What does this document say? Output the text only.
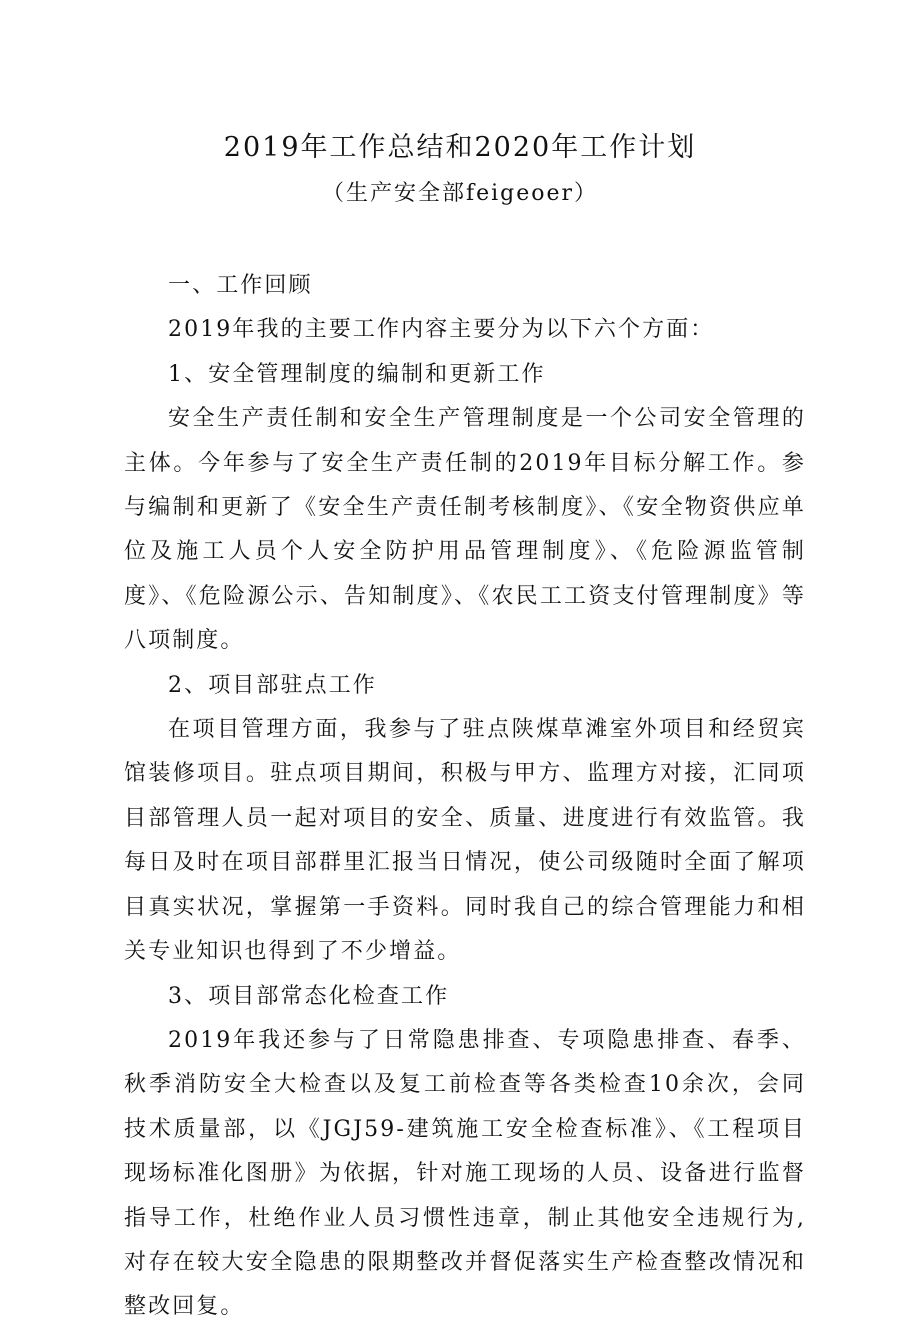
2019年工作总结和2020年工作计划
（生产安全部feigeoer）

一、工作回顾

2019年我的主要工作内容主要分为以下六个方面：

1、安全管理制度的编制和更新工作

安全生产责任制和安全生产管理制度是一个公司安全管理的主体。今年参与了安全生产责任制的2019年目标分解工作。参与编制和更新了《安全生产责任制考核制度》、《安全物资供应单位及施工人员个人安全防护用品管理制度》、《危险源监管制度》、《危险源公示、告知制度》、《农民工工资支付管理制度》等八项制度。

2、项目部驻点工作

在项目管理方面，我参与了驻点陕煤草滩室外项目和经贸宾馆装修项目。驻点项目期间，积极与甲方、监理方对接，汇同项目部管理人员一起对项目的安全、质量、进度进行有效监管。我每日及时在项目部群里汇报当日情况，使公司级随时全面了解项目真实状况，掌握第一手资料。同时我自己的综合管理能力和相关专业知识也得到了不少增益。

3、项目部常态化检查工作

2019年我还参与了日常隐患排查、专项隐患排查、春季、秋季消防安全大检查以及复工前检查等各类检查10余次，会同技术质量部，以《JGJ59-建筑施工安全检查标准》、《工程项目现场标准化图册》为依据，针对施工现场的人员、设备进行监督指导工作，杜绝作业人员习惯性违章，制止其他安全违规行为,对存在较大安全隐患的限期整改并督促落实生产检查整改情况和整改回复。
